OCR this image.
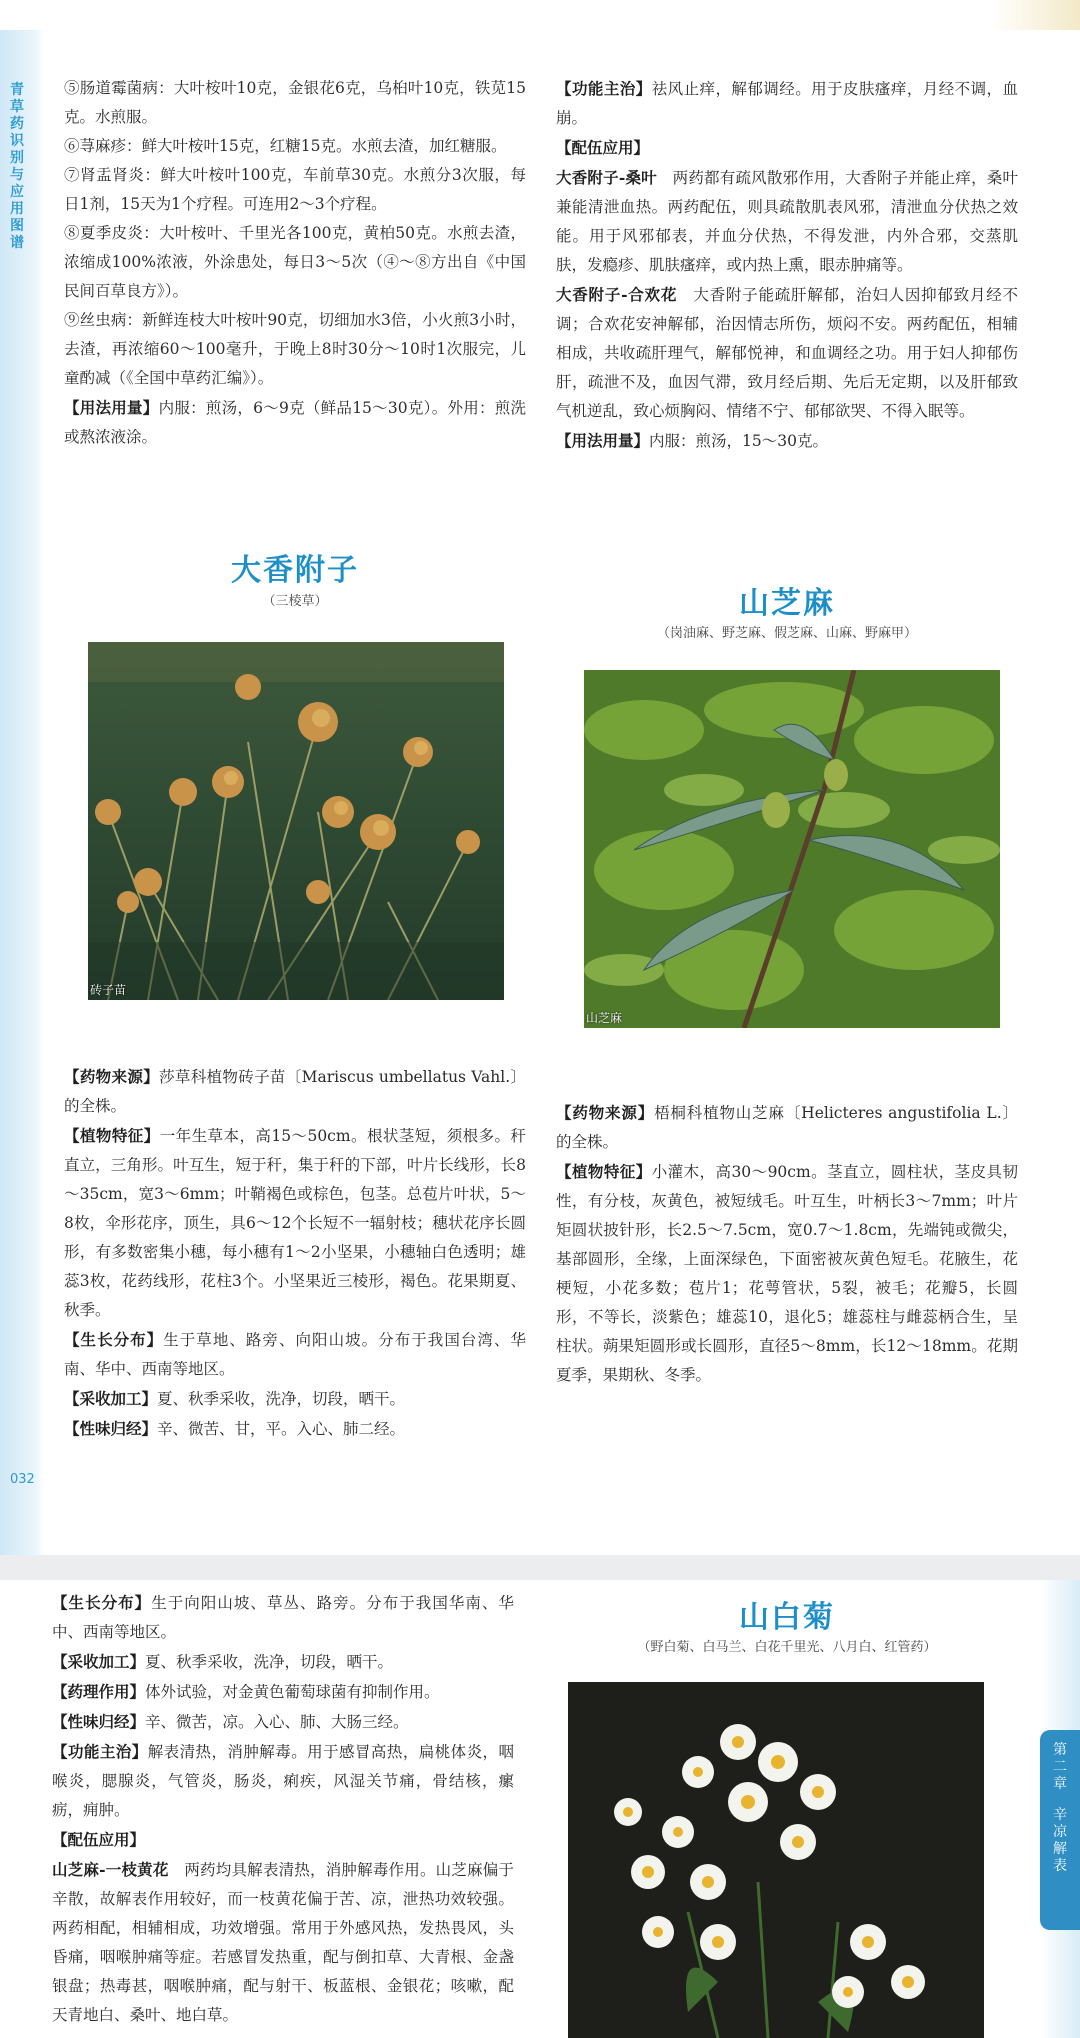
青草药识别与应用图谱
032

⑤肠道霉菌病：大叶桉叶10克，金银花6克，乌桕叶10克，铁苋15克。水煎服。

⑥荨麻疹：鲜大叶桉叶15克，红糖15克。水煎去渣，加红糖服。

⑦肾盂肾炎：鲜大叶桉叶100克，车前草30克。水煎分3次服，每日1剂，15天为1个疗程。可连用2～3个疗程。

⑧夏季皮炎：大叶桉叶、千里光各100克，黄柏50克。水煎去渣，浓缩成100%浓液，外涂患处，每日3～5次（④～⑧方出自《中国民间百草良方》）。

⑨丝虫病：新鲜连枝大叶桉叶90克，切细加水3倍，小火煎3小时，去渣，再浓缩60～100毫升，于晚上8时30分～10时1次服完，儿童酌减（《全国中草药汇编》）。

【用法用量】内服：煎汤，6～9克（鲜品15～30克）。外用：煎洗或熬浓液涂。

【功能主治】祛风止痒，解郁调经。用于皮肤瘙痒，月经不调，血崩。

【配伍应用】

大香附子-桑叶　两药都有疏风散邪作用，大香附子并能止痒，桑叶兼能清泄血热。两药配伍，则具疏散肌表风邪，清泄血分伏热之效能。用于风邪郁表，并血分伏热，不得发泄，内外合邪，交蒸肌肤，发瘾疹、肌肤瘙痒，或内热上熏，眼赤肿痛等。

大香附子-合欢花　大香附子能疏肝解郁，治妇人因抑郁致月经不调；合欢花安神解郁，治因情志所伤，烦闷不安。两药配伍，相辅相成，共收疏肝理气，解郁悦神，和血调经之功。用于妇人抑郁伤肝，疏泄不及，血因气滞，致月经后期、先后无定期，以及肝郁致气机逆乱，致心烦胸闷、情绪不宁、郁郁欲哭、不得入眠等。

【用法用量】内服：煎汤，15～30克。

大香附子
（三棱草）
砖子苗

【药物来源】莎草科植物砖子苗〔Mariscus umbellatus Vahl.〕的全株。

【植物特征】一年生草本，高15～50cm。根状茎短，须根多。秆直立，三角形。叶互生，短于秆，集于秆的下部，叶片长线形，长8～35cm，宽3～6mm；叶鞘褐色或棕色，包茎。总苞片叶状，5～8枚，伞形花序，顶生，具6～12个长短不一辐射枝；穗状花序长圆形，有多数密集小穗，每小穗有1～2小坚果，小穗轴白色透明；雄蕊3枚，花药线形，花柱3个。小坚果近三棱形，褐色。花果期夏、秋季。

【生长分布】生于草地、路旁、向阳山坡。分布于我国台湾、华南、华中、西南等地区。

【采收加工】夏、秋季采收，洗净，切段，晒干。

【性味归经】辛、微苦、甘，平。入心、肺二经。

山芝麻
（岗油麻、野芝麻、假芝麻、山麻、野麻甲）
山芝麻

【药物来源】梧桐科植物山芝麻〔Helicteres angustifolia L.〕的全株。

【植物特征】小灌木，高30～90cm。茎直立，圆柱状，茎皮具韧性，有分枝，灰黄色，被短绒毛。叶互生，叶柄长3～7mm；叶片矩圆状披针形，长2.5～7.5cm，宽0.7～1.8cm，先端钝或微尖，基部圆形，全缘，上面深绿色，下面密被灰黄色短毛。花腋生，花梗短，小花多数；苞片1；花萼管状，5裂，被毛；花瓣5，长圆形，不等长，淡紫色；雄蕊10，退化5；雄蕊柱与雌蕊柄合生，呈柱状。蒴果矩圆形或长圆形，直径5～8mm，长12～18mm。花期夏季，果期秋、冬季。

第二章
辛凉解表

【生长分布】生于向阳山坡、草丛、路旁。分布于我国华南、华中、西南等地区。

【采收加工】夏、秋季采收，洗净，切段，晒干。

【药理作用】体外试验，对金黄色葡萄球菌有抑制作用。

【性味归经】辛、微苦，凉。入心、肺、大肠三经。

【功能主治】解表清热，消肿解毒。用于感冒高热，扁桃体炎，咽喉炎，腮腺炎，气管炎，肠炎，痢疾，风湿关节痛，骨结核，瘰疬，痈肿。

【配伍应用】

山芝麻-一枝黄花　两药均具解表清热，消肿解毒作用。山芝麻偏于辛散，故解表作用较好，而一枝黄花偏于苦、凉，泄热功效较强。两药相配，相辅相成，功效增强。常用于外感风热，发热畏风，头昏痛，咽喉肿痛等症。若感冒发热重，配与倒扣草、大青根、金盏银盘；热毒甚，咽喉肿痛，配与射干、板蓝根、金银花；咳嗽，配天青地白、桑叶、地白草。

山白菊
（野白菊、白马兰、白花千里光、八月白、红管药）
